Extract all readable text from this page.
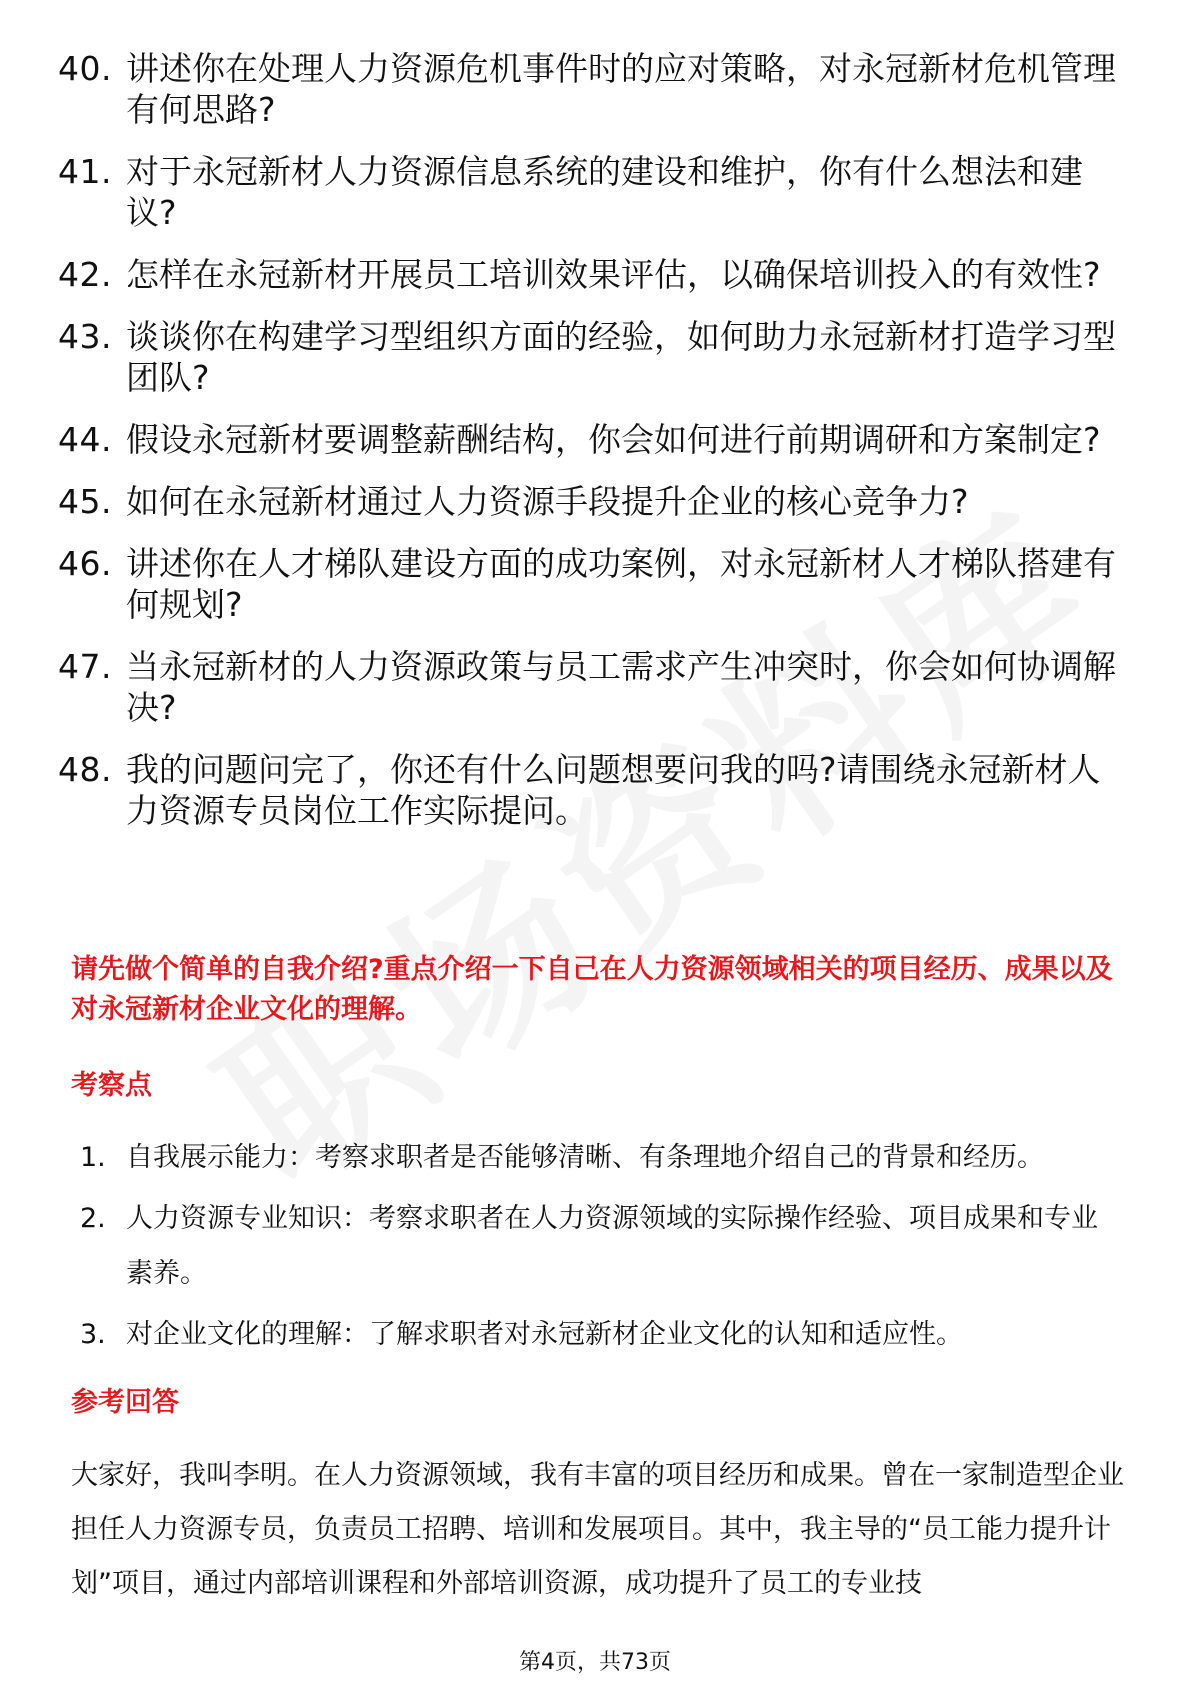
40. 讲述你在处理人力资源危机事件时的应对策略，对永冠新材危机管理有何思路?
41. 对于永冠新材人力资源信息系统的建设和维护，你有什么想法和建议?
42. 怎样在永冠新材开展员工培训效果评估，以确保培训投入的有效性?
43. 谈谈你在构建学习型组织方面的经验，如何助力永冠新材打造学习型团队?
44. 假设永冠新材要调整薪酬结构，你会如何进行前期调研和方案制定?
45. 如何在永冠新材通过人力资源手段提升企业的核心竞争力?
46. 讲述你在人才梯队建设方面的成功案例，对永冠新材人才梯队搭建有何规划?
47. 当永冠新材的人力资源政策与员工需求产生冲突时，你会如何协调解决?
48. 我的问题问完了，你还有什么问题想要问我的吗?请围绕永冠新材人力资源专员岗位工作实际提问。
请先做个简单的自我介绍?重点介绍一下自己在人力资源领域相关的项目经历、成果以及对永冠新材企业文化的理解。
考察点
1. 自我展示能力：考察求职者是否能够清晰、有条理地介绍自己的背景和经历。
2. 人力资源专业知识：考察求职者在人力资源领域的实际操作经验、项目成果和专业素养。
3. 对企业文化的理解：了解求职者对永冠新材企业文化的认知和适应性。
参考回答
大家好，我叫李明。在人力资源领域，我有丰富的项目经历和成果。曾在一家制造型企业担任人力资源专员，负责员工招聘、培训和发展项目。其中，我主导的“员工能力提升计划”项目，通过内部培训课程和外部培训资源，成功提升了员工的专业技
第4页，共73页
